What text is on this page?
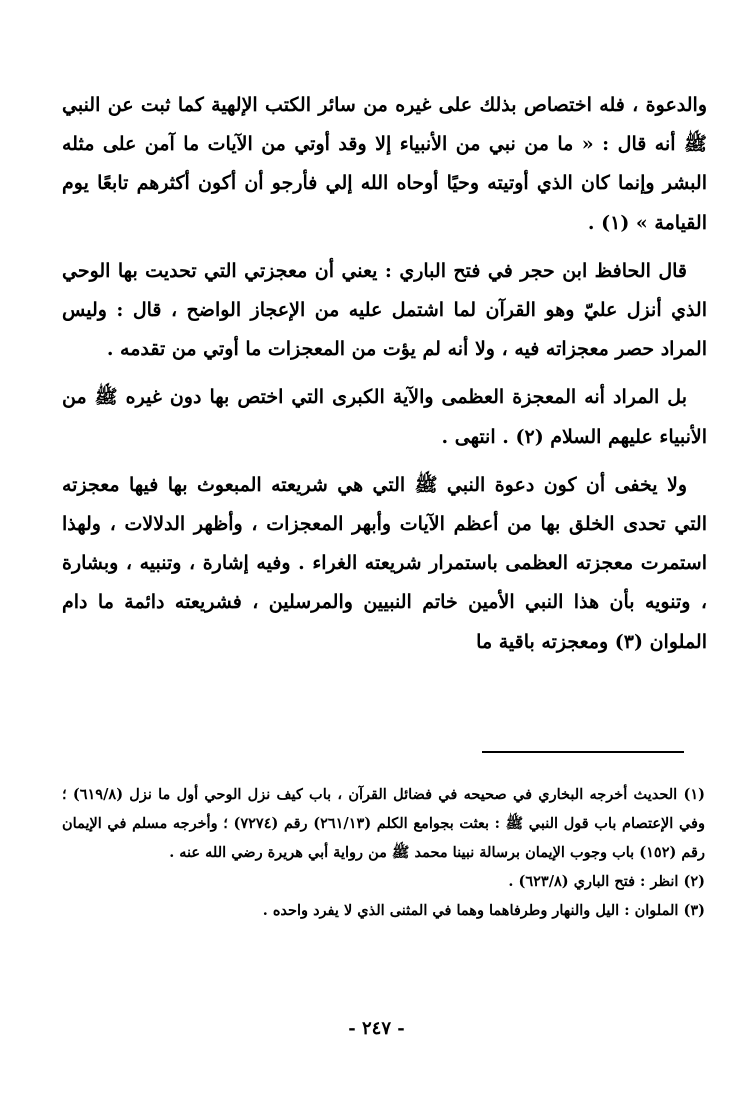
والدعوة ، فله اختصاص بذلك على غيره من سائر الكتب الإلهية كما ثبت عن النبي ﷺ أنه قال : « ما من نبي من الأنبياء إلا وقد أوتي من الآيات ما آمن على مثله البشر وإنما كان الذي أوتيته وحيًا أوحاه الله إلي فأرجو أن أكون أكثرهم تابعًا يوم القيامة » (١) .

قال الحافظ ابن حجر في فتح الباري : يعني أن معجزتي التي تحديت بها الوحي الذي أنزل عليّ وهو القرآن لما اشتمل عليه من الإعجاز الواضح ، قال : وليس المراد حصر معجزاته فيه ، ولا أنه لم يؤت من المعجزات ما أوتي من تقدمه .

بل المراد أنه المعجزة العظمى والآية الكبرى التي اختص بها دون غيره ﷺ من الأنبياء عليهم السلام (٢) . انتهى .

ولا يخفى أن كون دعوة النبي ﷺ التي هي شريعته المبعوث بها فيها معجزته التي تحدى الخلق بها من أعظم الآيات وأبهر المعجزات ، وأظهر الدلالات ، ولهذا استمرت معجزته العظمى باستمرار شريعته الغراء . وفيه إشارة ، وتنبيه ، وبشارة ، وتنويه بأن هذا النبي الأمين خاتم النبيين والمرسلين ، فشريعته دائمة ما دام الملوان (٣) ومعجزته باقية ما

(١) الحديث أخرجه البخاري في صحيحه في فضائل القرآن ، باب كيف نزل الوحي أول ما نزل (٦١٩/٨) ؛ وفي الإعتصام باب قول النبي ﷺ : بعثت بجوامع الكلم (٢٦١/١٣) رقم (٧٢٧٤) ؛ وأخرجه مسلم في الإيمان رقم (١٥٢) باب وجوب الإيمان برسالة نبينا محمد ﷺ من رواية أبي هريرة رضي الله عنه .

(٢) انظر : فتح الباري (٦٢٣/٨) .

(٣) الملوان : اليل والنهار وطرفاهما وهما في المثنى الذي لا يفرد واحده .

- ٢٤٧ -
